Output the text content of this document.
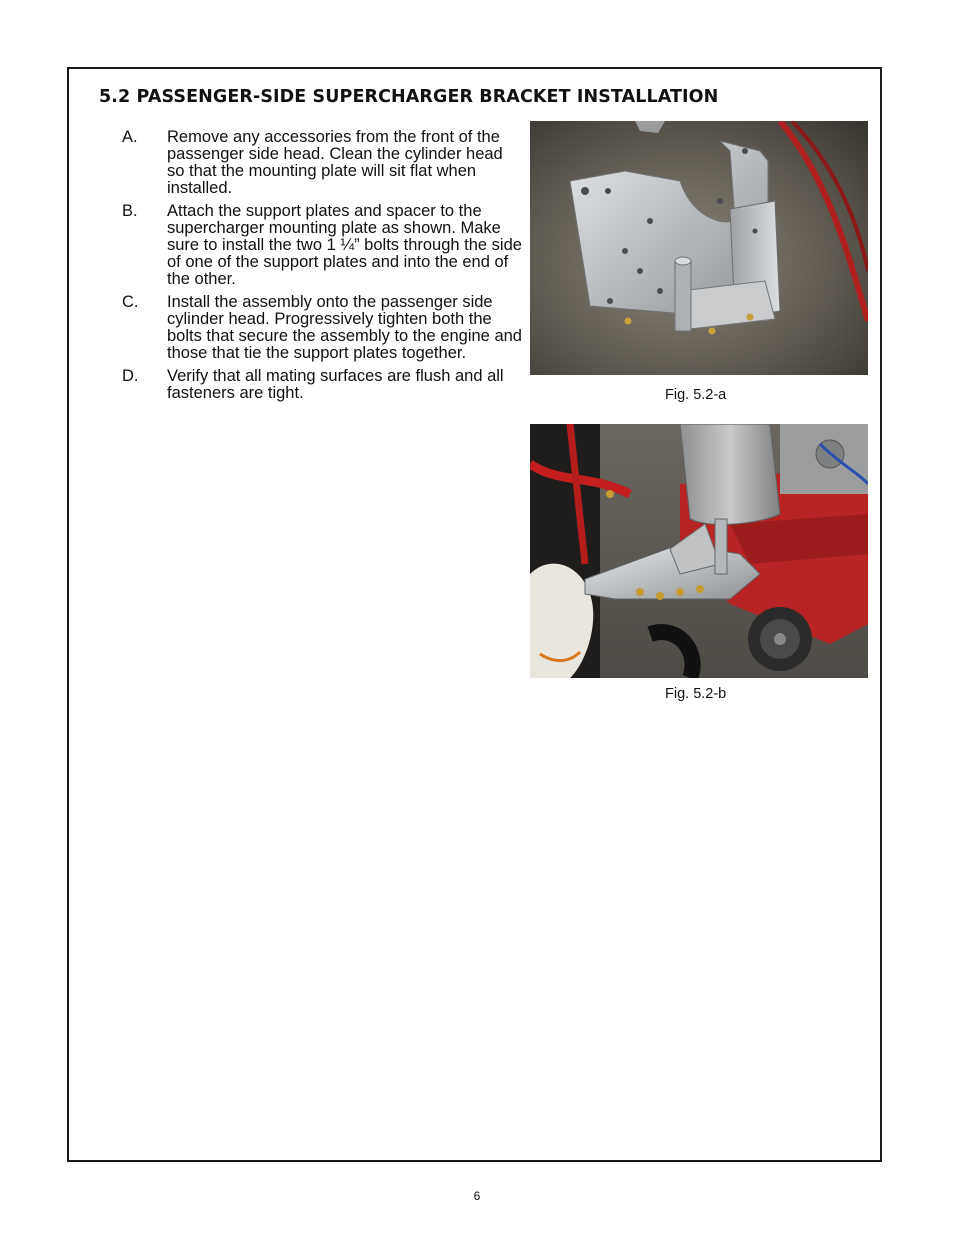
5.2 PASSENGER-SIDE SUPERCHARGER BRACKET INSTALLATION
A. Remove any accessories from the front of the passenger side head. Clean the cylinder head so that the mounting plate will sit flat when installed.
B. Attach the support plates and spacer to the supercharger mounting plate as shown. Make sure to install the two 1 ¼” bolts through the side of one of the support plates and into the end of the other.
C. Install the assembly onto the passenger side cylinder head. Progressively tighten both the bolts that secure the assembly to the engine and those that tie the support plates together.
D. Verify that all mating surfaces are flush and all fasteners are tight.	Fig. 5.2-a
Fig. 5.2-b
6
